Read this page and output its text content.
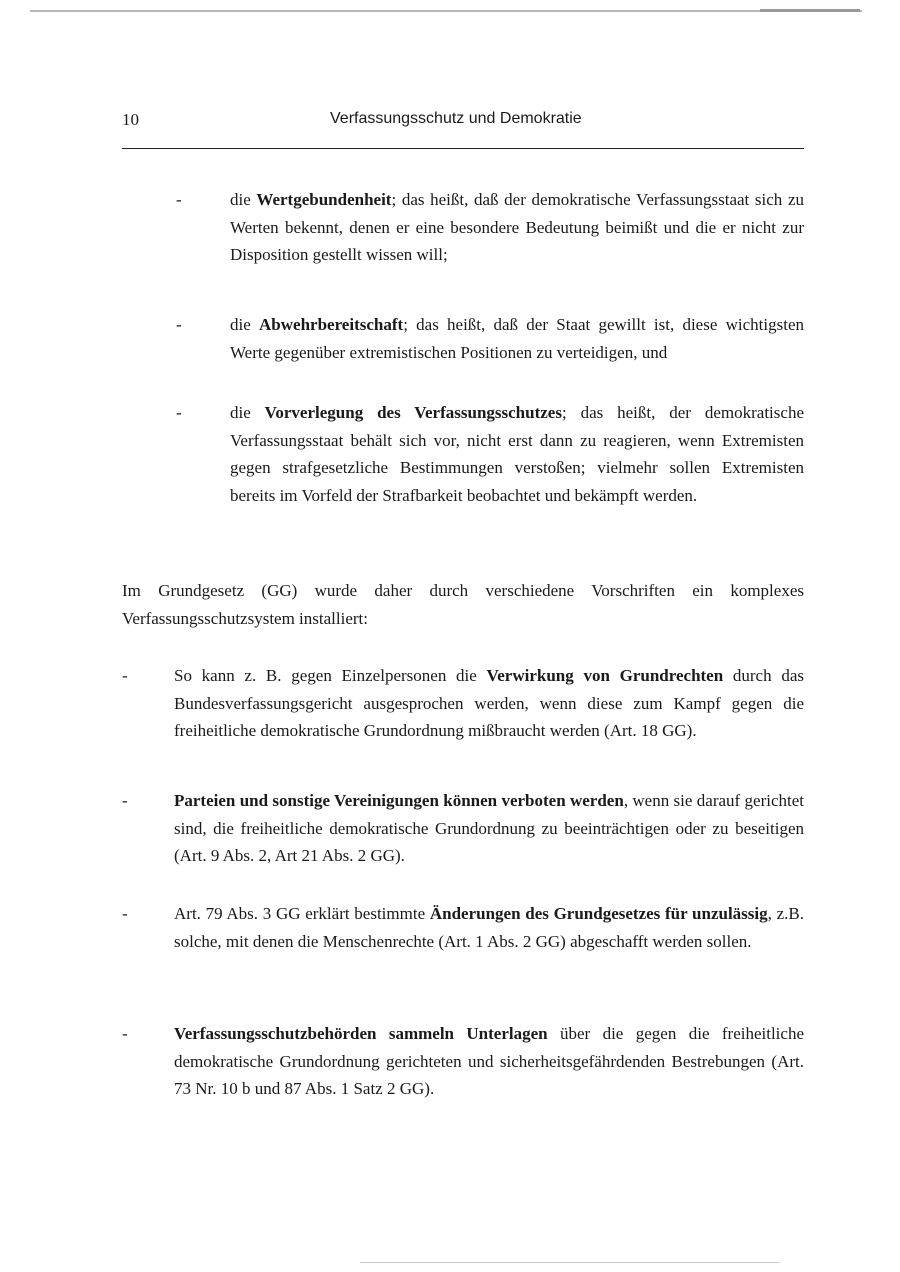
10	Verfassungsschutz und Demokratie
-	die Wertgebundenheit; das heißt, daß der demokratische Verfassungsstaat sich zu Werten bekennt, denen er eine besondere Bedeutung beimißt und die er nicht zur Disposition gestellt wissen will;

-	die Abwehrbereitschaft; das heißt, daß der Staat gewillt ist, diese wichtigsten Werte gegenüber extremistischen Positionen zu verteidigen, und

-	die Vorverlegung des Verfassungsschutzes; das heißt, der demokratische Verfassungsstaat behält sich vor, nicht erst dann zu reagieren, wenn Extremisten gegen strafgesetzliche Bestimmungen verstoßen; vielmehr sollen Extremisten bereits im Vorfeld der Strafbarkeit beobachtet und bekämpft werden.

Im Grundgesetz (GG) wurde daher durch verschiedene Vorschriften ein komplexes Verfassungsschutzsystem installiert:

-	So kann z. B. gegen Einzelpersonen die Verwirkung von Grundrechten durch das Bundesverfassungsgericht ausgesprochen werden, wenn diese zum Kampf gegen die freiheitliche demokratische Grundordnung mißbraucht werden (Art. 18 GG).

-	Parteien und sonstige Vereinigungen können verboten werden, wenn sie darauf gerichtet sind, die freiheitliche demokratische Grundordnung zu beeinträchtigen oder zu beseitigen (Art. 9 Abs. 2, Art 21 Abs. 2 GG).

-	Art. 79 Abs. 3 GG erklärt bestimmte Änderungen des Grundgesetzes für unzulässig, z.B. solche, mit denen die Menschenrechte (Art. 1 Abs. 2 GG) abgeschafft werden sollen.

-	Verfassungsschutzbehörden sammeln Unterlagen über die gegen die freiheitliche demokratische Grundordnung gerichteten und sicherheitsgefährdenden Bestrebungen (Art. 73 Nr. 10 b und 87 Abs. 1 Satz 2 GG).
